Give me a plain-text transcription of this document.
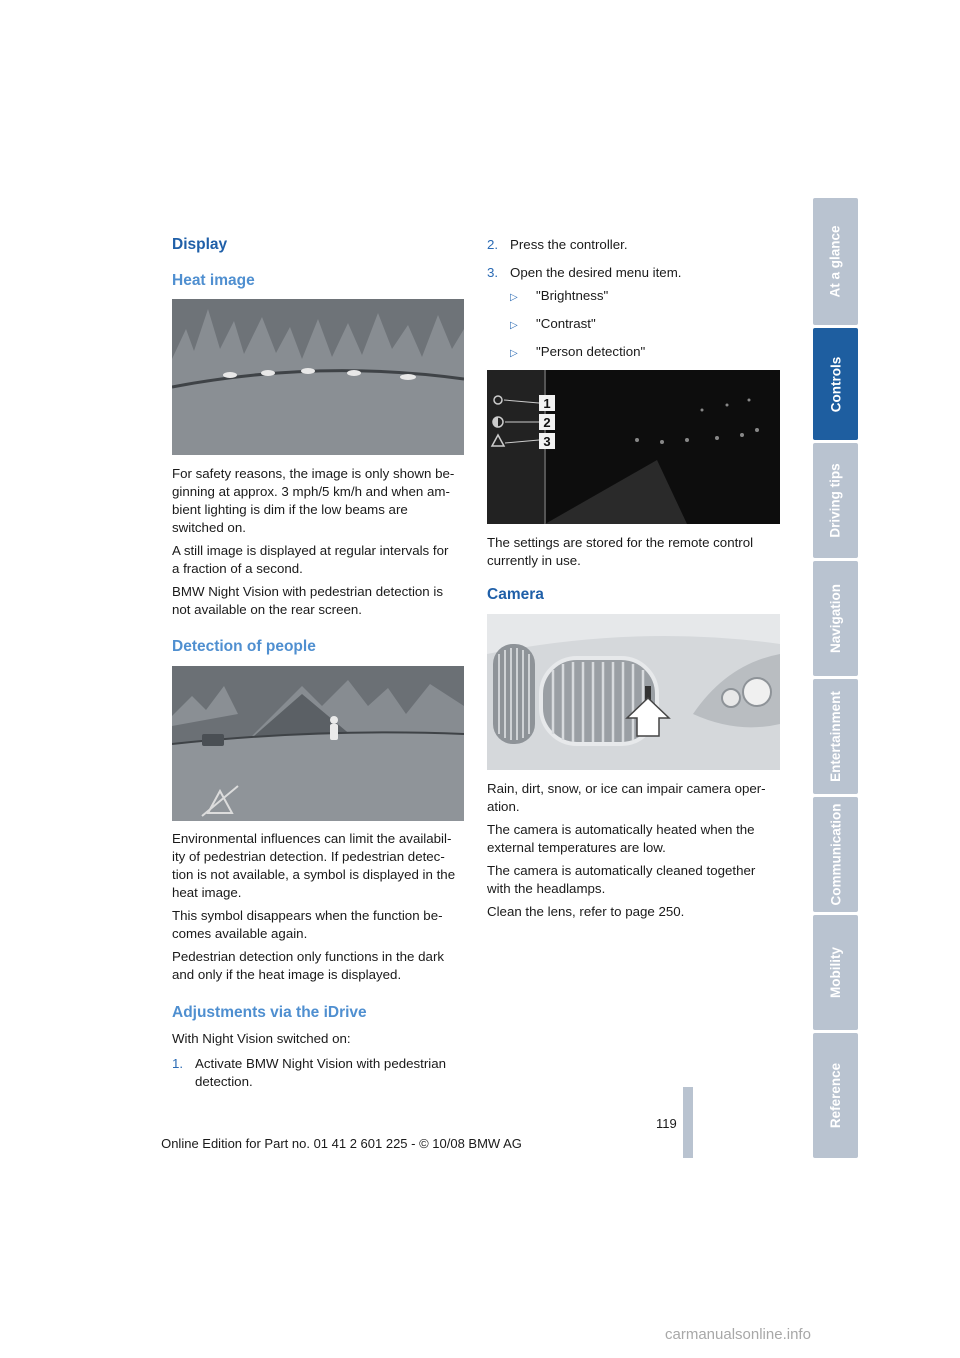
Display
Heat image

For safety reasons, the image is only shown be-

ginning at approx. 3 mph/5 km/h and when am-

bient lighting is dim if the low beams are

switched on.

A still image is displayed at regular intervals for

a fraction of a second.

BMW Night Vision with pedestrian detection is

not available on the rear screen.

Detection of people

Environmental influences can limit the availabil-

ity of pedestrian detection. If pedestrian detec-

tion is not available, a symbol is displayed in the

heat image.

This symbol disappears when the function be-

comes available again.

Pedestrian detection only functions in the dark

and only if the heat image is displayed.

Adjustments via the iDrive

With Night Vision switched on:

1. Activate BMW Night Vision with pedestrian

detection.

2. Press the controller.

3. Open the desired menu item.

▷ "Brightness"

▷ "Contrast"

▷ "Person detection"

1
2
3

The settings are stored for the remote control

currently in use.

Camera

Rain, dirt, snow, or ice can impair camera oper-

ation.

The camera is automatically heated when the

external temperatures are low.

The camera is automatically cleaned together

with the headlamps.

Clean the lens, refer to page 250.

At a glance
Controls
Driving tips
Navigation
Entertainment
Communication
Mobility
Reference
119
Online Edition for Part no. 01 41 2 601 225 - © 10/08 BMW AG
carmanualsonline.info
